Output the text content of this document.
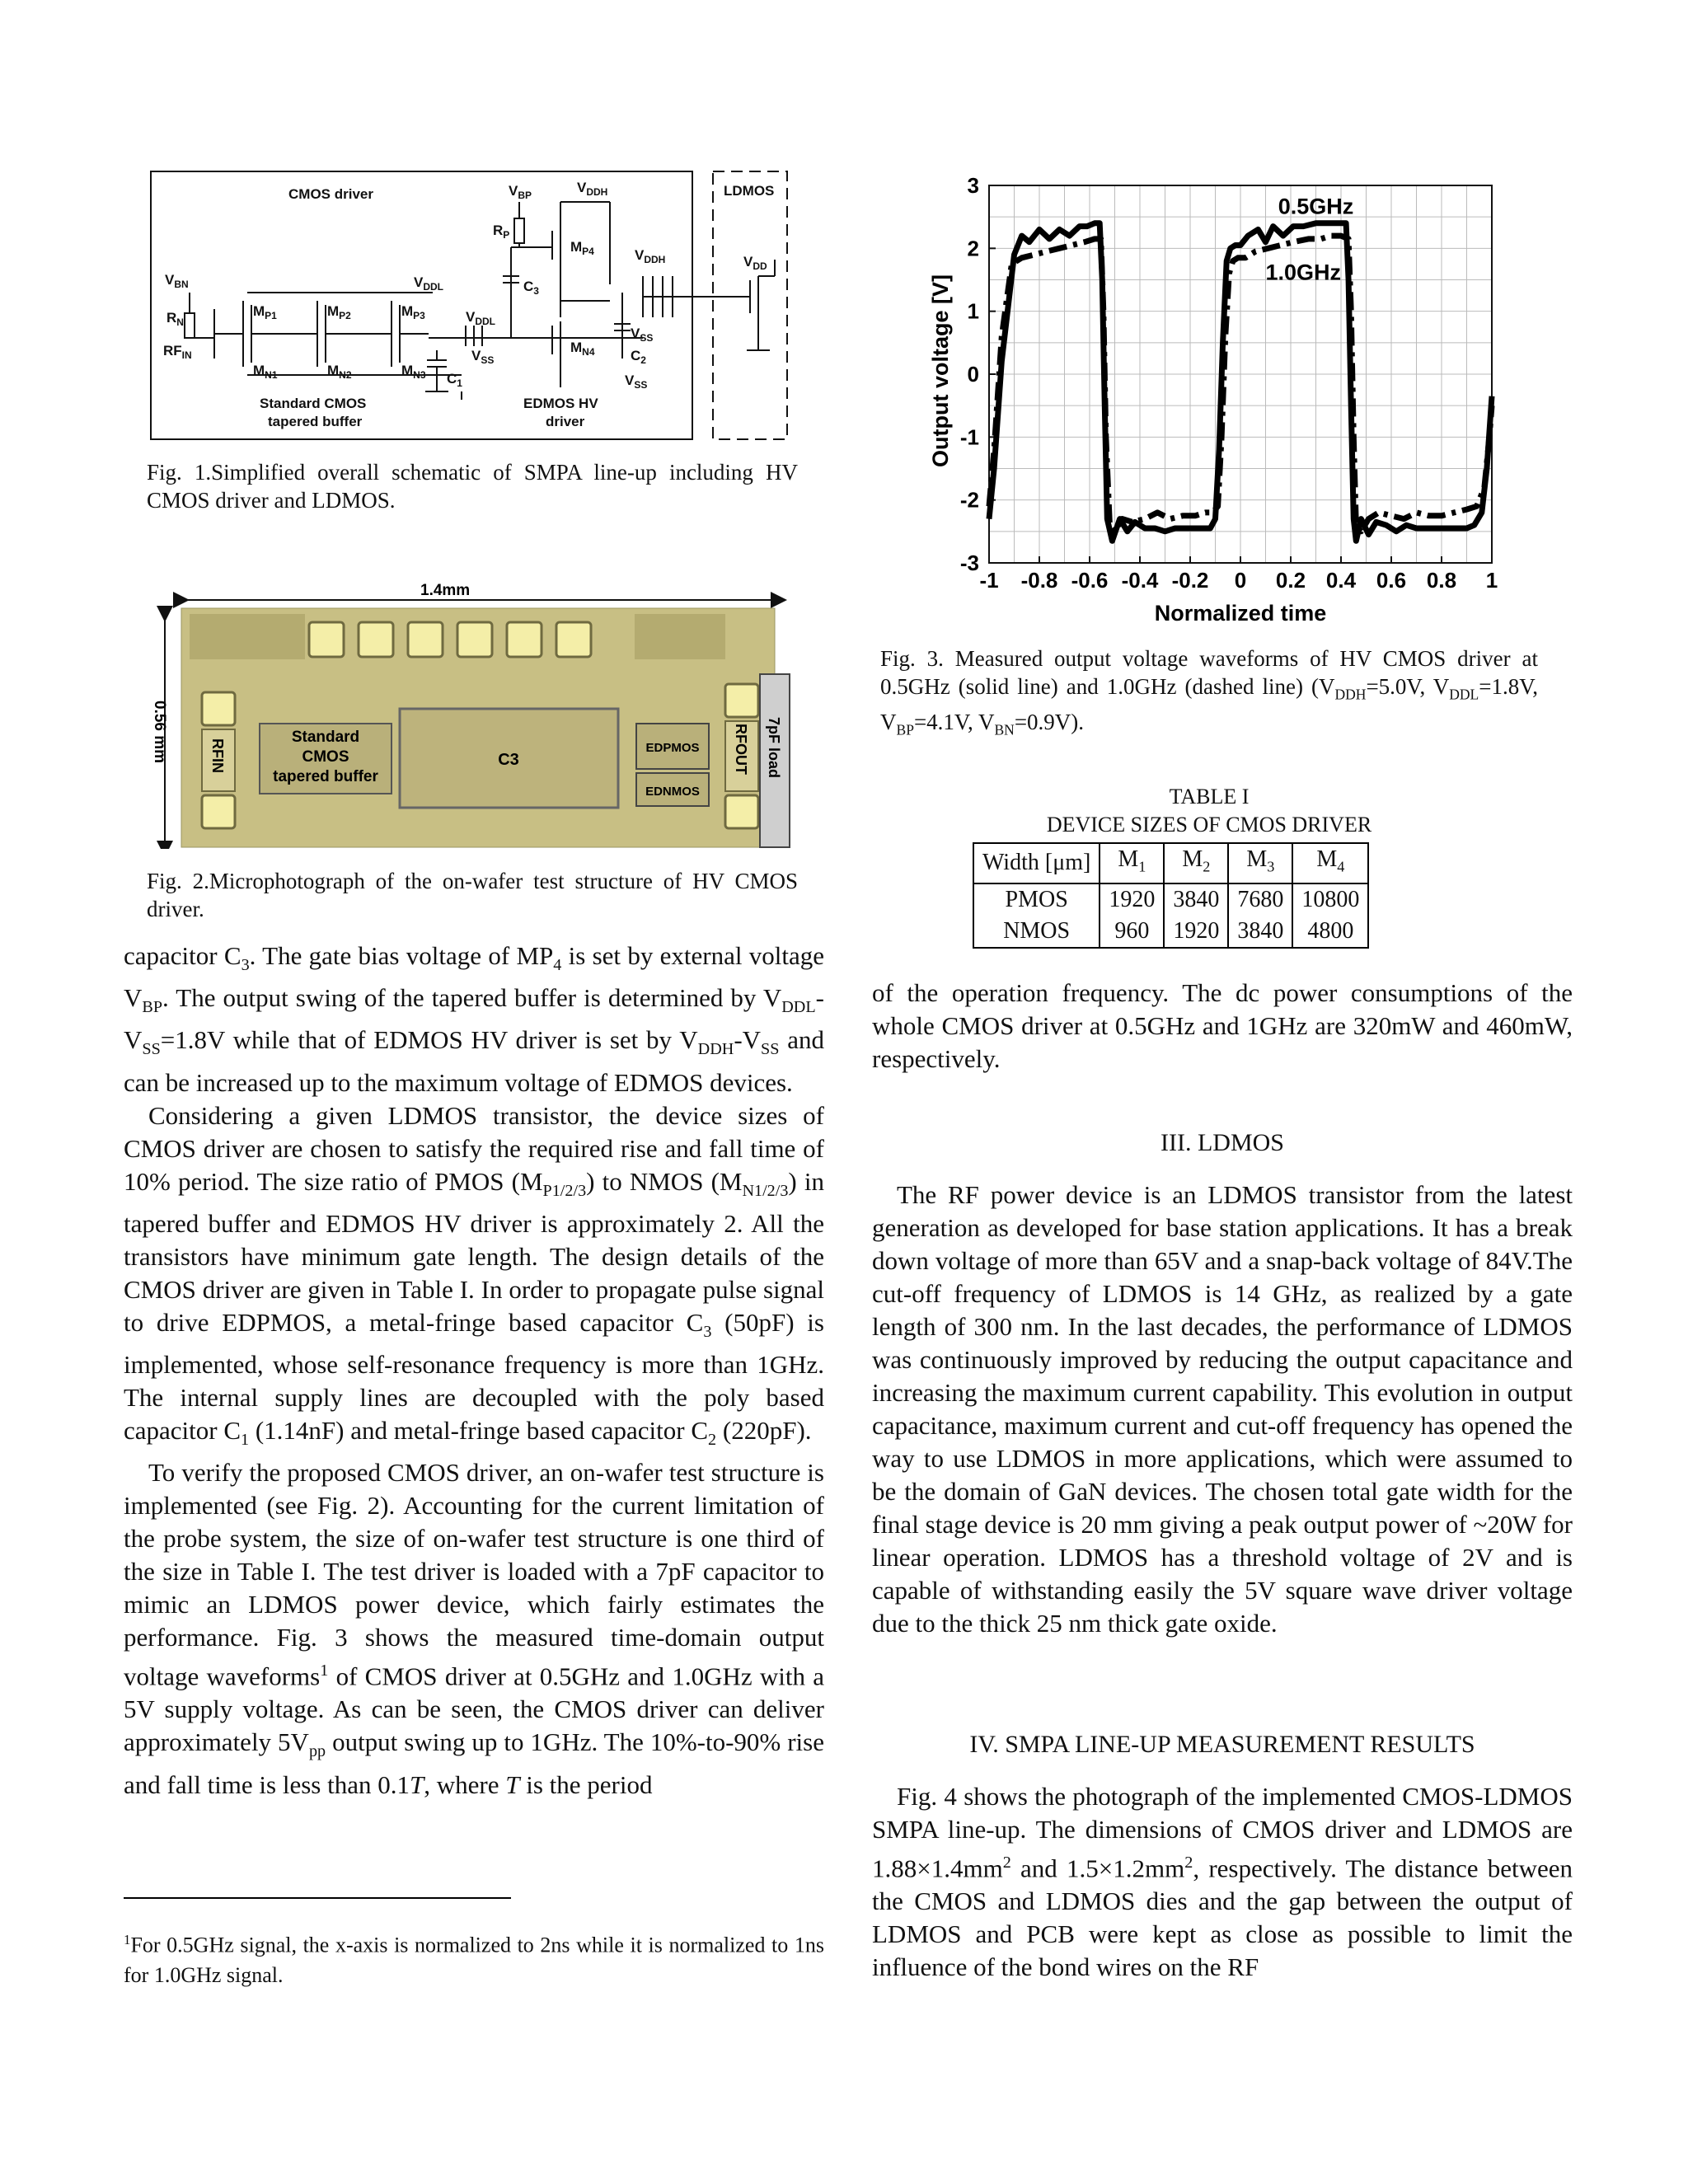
CMOS driver	LDMOS
$V_{BP}$	$V_{DDH}$
$R_P$
$M_{P4}$
$C_3$
$V_{DDH}$	$V_{DD}$
$V_{DDL}$
$V_{DDL}$
$V_{BN}$
$R_N$
$RF_{IN}$
$M_{P1}$	$M_{P2}$	$M_{P3}$
$M_{N1}$	$M_{N2}$	$M_{N3}$
$M_{N4}$
$C_1$
$C_2$
$V_{SS}$
$V_{SS}$
$V_{SS}$
Standard CMOS
tapered buffer
EDMOS HV
driver
Fig. 1.Simplified overall schematic of SMPA line-up including HV CMOS driver and LDMOS.
1.4mm
0.56 mm	RFIN
Standard
CMOS
tapered buffer
C3
EDPMOS
EDNMOS
RFOUT 7pF load
Fig. 2.Microphotograph of the on-wafer test structure of HV CMOS driver.
-1 -0.8 -0.6 -0.4 -0.2 0 0.2 0.4 0.6 0.8 1
3
2
1
0
-1
-2
-3
0.5GHz
1.0GHz
Normalized time
Output voltage [V]
Fig. 3. Measured output voltage waveforms of HV CMOS driver at 0.5GHz (solid line) and 1.0GHz (dashed line) ($V_{DDH}=5.0V$, $V_{DDL}=1.8V$, $V_{BP}=4.1V$, $V_{BN}=0.9V$).
TABLE I
DEVICE SIZES OF CMOS DRIVER
Width [μm]	$M_1$	$M_2$	$M_3$	$M_4$
PMOS	1920	3840	7680	10800
NMOS	960	1920	3840	4800

capacitor $C_3$. The gate bias voltage of $MP_4$ is set by external voltage $V_{BP}$. The output swing of the tapered buffer is determined by $V_{DDL}-V_{SS}=1.8V$ while that of EDMOS HV driver is set by $V_{DDH}-V_{SS}$ and can be increased up to the maximum voltage of EDMOS devices.

Considering a given LDMOS transistor, the device sizes of CMOS driver are chosen to satisfy the required rise and fall time of 10% period. The size ratio of PMOS $(M_{P1/2/3})$ to NMOS $(M_{N1/2/3})$ in tapered buffer and EDMOS HV driver is approximately 2. All the transistors have minimum gate length. The design details of the CMOS driver are given in Table I. In order to propagate pulse signal to drive EDPMOS, a metal-fringe based capacitor $C_3$ (50pF) is implemented, whose self-resonance frequency is more than 1GHz. The internal supply lines are decoupled with the poly based capacitor $C_1$ (1.14nF) and metal-fringe based capacitor $C_2$ (220pF).

To verify the proposed CMOS driver, an on-wafer test structure is implemented (see Fig. 2). Accounting for the current limitation of the probe system, the size of on-wafer test structure is one third of the size in Table I. The test driver is loaded with a 7pF capacitor to mimic an LDMOS power device, which fairly estimates the performance. Fig. 3 shows the measured time-domain output voltage waveforms$^1$ of CMOS driver at 0.5GHz and 1.0GHz with a 5V supply voltage. As can be seen, the CMOS driver can deliver approximately $5V_{pp}$ output swing up to 1GHz. The 10%-to-90% rise and fall time is less than 0.1T, where T is the period

$^1$For 0.5GHz signal, the x-axis is normalized to 2ns while it is normalized to 1ns for 1.0GHz signal.
of the operation frequency. The dc power consumptions of the whole CMOS driver at 0.5GHz and 1GHz are 320mW and 460mW, respectively.
III. LDMOS
The RF power device is an LDMOS transistor from the latest generation as developed for base station applications. It has a break down voltage of more than 65V and a snap-back voltage of 84V.The cut-off frequency of LDMOS is 14 GHz, as realized by a gate length of 300 nm. In the last decades, the performance of LDMOS was continuously improved by reducing the output capacitance and increasing the maximum current capability. This evolution in output capacitance, maximum current and cut-off frequency has opened the way to use LDMOS in more applications, which were assumed to be the domain of GaN devices. The chosen total gate width for the final stage device is 20 mm giving a peak output power of ~20W for linear operation. LDMOS has a threshold voltage of 2V and is capable of withstanding easily the 5V square wave driver voltage due to the thick 25 nm thick gate oxide.
IV. SMPA LINE-UP MEASUREMENT RESULTS
Fig. 4 shows the photograph of the implemented CMOS-LDMOS SMPA line-up. The dimensions of CMOS driver and LDMOS are $1.88\times 1.4mm^2$ and $1.5\times 1.2mm^2$, respectively. The distance between the CMOS and LDMOS dies and the gap between the output of LDMOS and PCB were kept as close as possible to limit the influence of the bond wires on the RF
